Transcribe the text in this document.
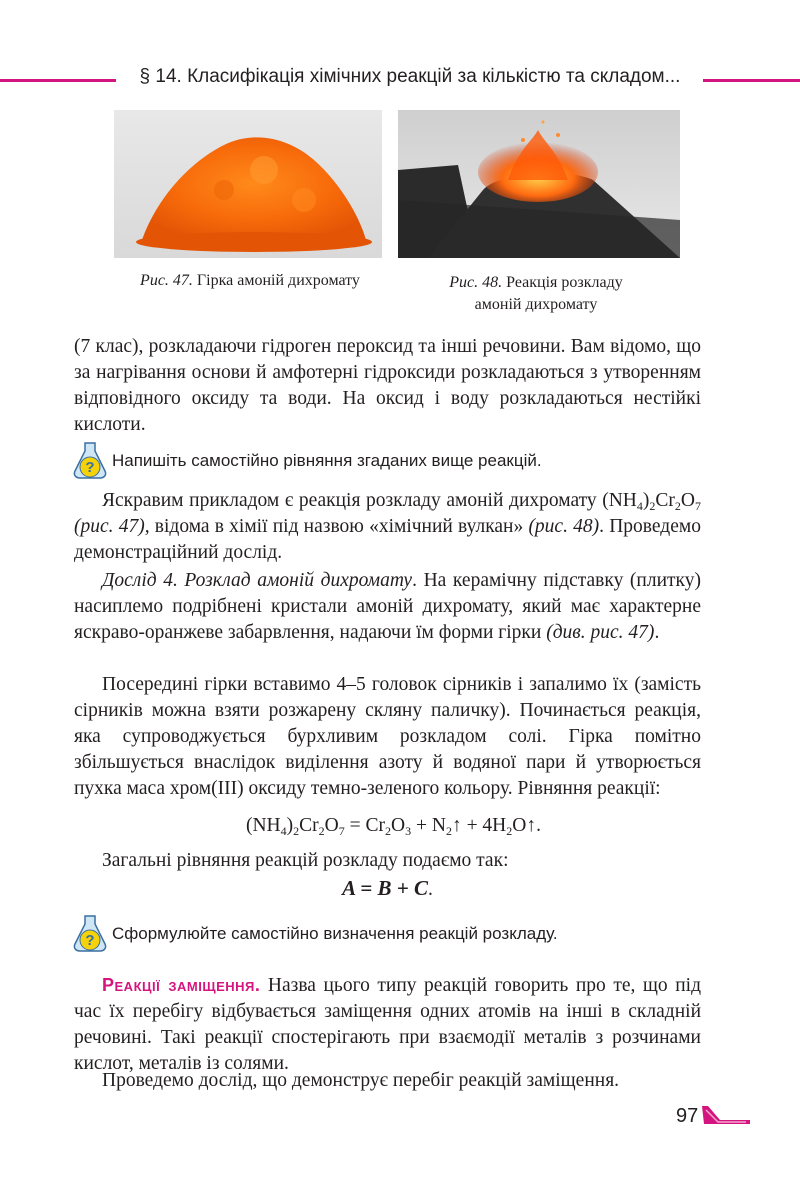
§ 14. Класифікація хімічних реакцій за кількістю та складом...
Рис. 47. Гірка амоній дихромату	Рис. 48. Реакція розкладу
амоній дихромату
(7 клас), розкладаючи гідроген пероксид та інші речовини. Вам відомо, що за нагрівання основи й амфотерні гідроксиди розкладаються з утворенням відповідного оксиду та води. На оксид і воду розкладаються нестійкі кислоти.
? Напишіть самостійно рівняння згаданих вище реакцій.
Яскравим прикладом є реакція розкладу амоній дихромату $(NH_4)_2Cr_2O_7$ (рис. 47), відома в хімії під назвою «хімічний вулкан» (рис. 48). Проведемо демонстраційний дослід.
Дослід 4. Розклад амоній дихромату. На керамічну підставку (плитку) насиплемо подрібнені кристали амоній дихромату, який має характерне яскраво-оранжеве забарвлення, надаючи їм форми гірки (див. рис. 47).
Посередині гірки вставимо 4–5 головок сірників і запалимо їх (замість сірників можна взяти розжарену скляну паличку). Починається реакція, яка супроводжується бурхливим розкладом солі. Гірка помітно збільшується внаслідок виділення азоту й водяної пари й утворюється пухка маса хром(III) оксиду темно-зеленого кольору. Рівняння реакції:
$(NH_4)_2Cr_2O_7 = Cr_2O_3$ + $N_2↑$ + $4H_2O↑$.
Загальні рівняння реакцій розкладу подаємо так:
A = B + C.
? Сформулюйте самостійно визначення реакцій розкладу.
Реакції заміщення. Назва цього типу реакцій говорить про те, що під час їх перебігу відбувається заміщення одних атомів на інші в складній речовині. Такі реакції спостерігають при взаємодії металів з розчинами кислот, металів із солями.
Проведемо дослід, що демонструє перебіг реакцій заміщення.
97
